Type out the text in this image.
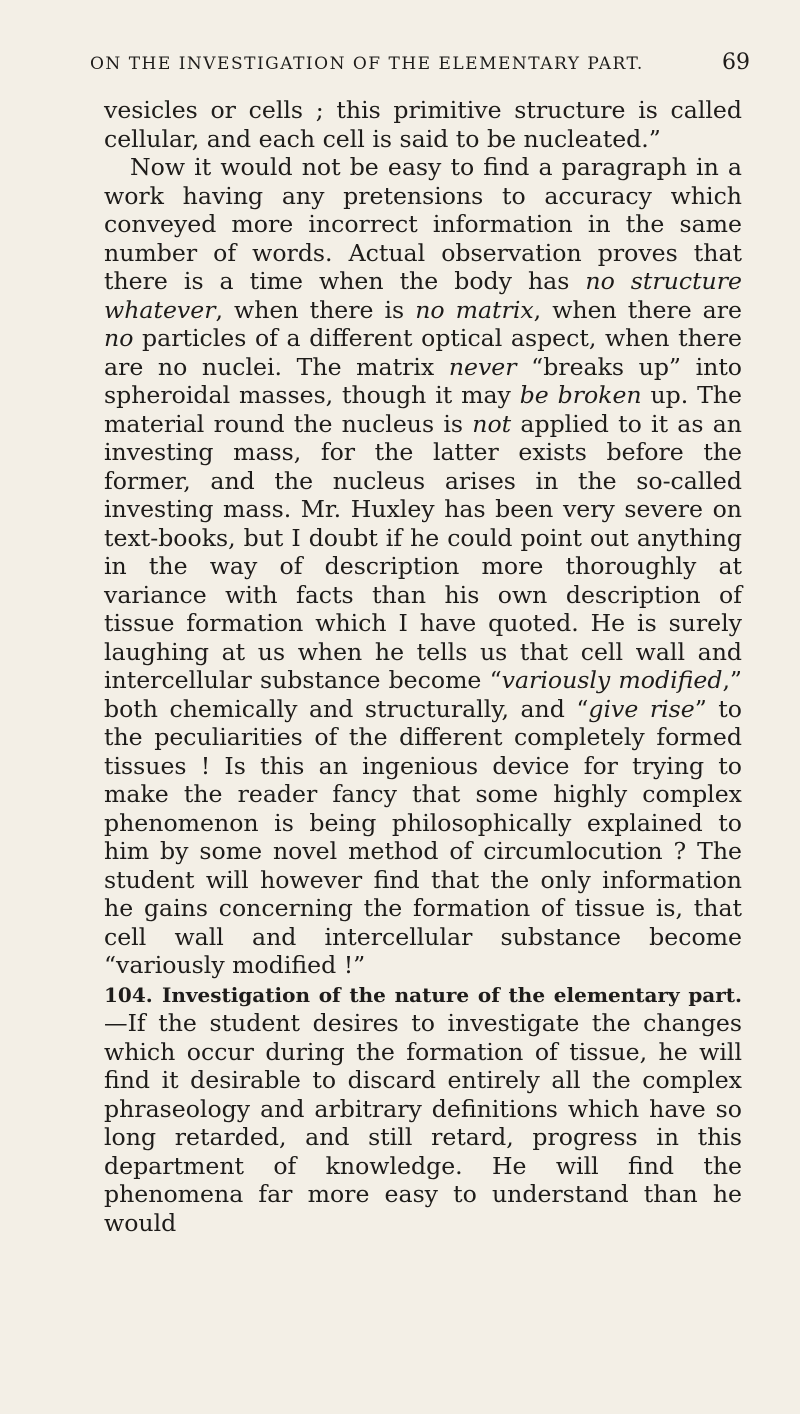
ON THE INVESTIGATION OF THE ELEMENTARY PART.	69

vesicles or cells ; this primitive structure is called cellular, and each cell is said to be nucleated.”

Now it would not be easy to find a paragraph in a work having any pretensions to accuracy which conveyed more incorrect information in the same number of words. Actual observation proves that there is a time when the body has no structure whatever, when there is no matrix, when there are no particles of a different optical aspect, when there are no nuclei. The matrix never “breaks up” into spheroidal masses, though it may be broken up. The material round the nucleus is not applied to it as an investing mass, for the latter exists before the former, and the nucleus arises in the so-called investing mass. Mr. Huxley has been very severe on text-books, but I doubt if he could point out anything in the way of description more thoroughly at variance with facts than his own description of tissue formation which I have quoted. He is surely laughing at us when he tells us that cell wall and intercellular substance become “variously modified,” both chemically and structurally, and “give rise” to the peculiarities of the different completely formed tissues ! Is this an ingenious device for trying to make the reader fancy that some highly complex phenomenon is being philosophically explained to him by some novel method of circumlocution ? The student will however find that the only information he gains concerning the formation of tissue is, that cell wall and intercellular substance become “variously modified !”

104. Investigation of the nature of the elementary part.—If the student desires to investigate the changes which occur during the formation of tissue, he will find it desirable to discard entirely all the complex phraseology and arbitrary definitions which have so long retarded, and still retard, progress in this department of knowledge. He will find the phenomena far more easy to understand than he would
